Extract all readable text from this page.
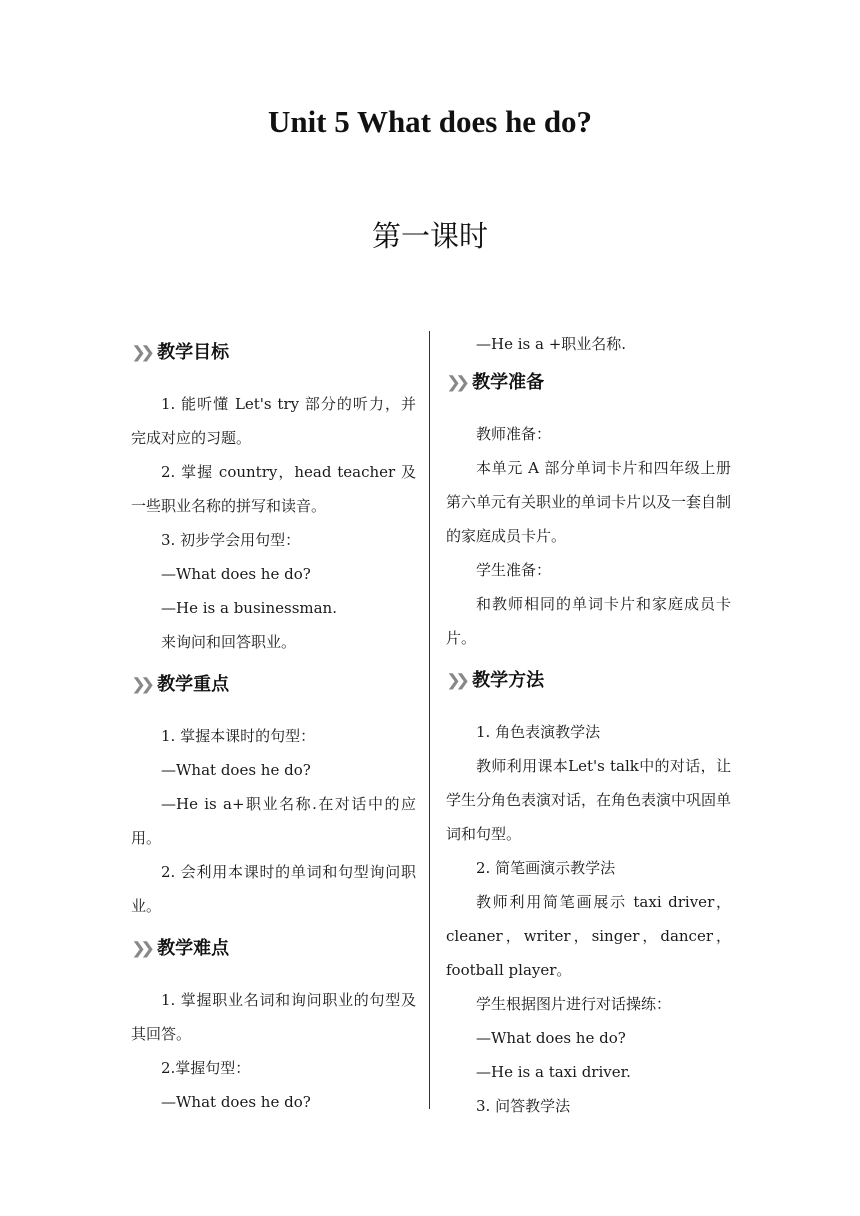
Unit 5 What does he do?
第一课时
❯❯ 教学目标

1. 能听懂 Let's try 部分的听力，并完成对应的习题。

2. 掌握 country，head teacher 及一些职业名称的拼写和读音。

3. 初步学会用句型：

—What does he do?

—He is a businessman.

来询问和回答职业。

❯❯ 教学重点

1. 掌握本课时的句型：

—What does he do?

—He is a+职业名称.在对话中的应用。

2. 会利用本课时的单词和句型询问职业。

❯❯ 教学难点

1. 掌握职业名词和询问职业的句型及其回答。

2.掌握句型：

—What does he do?

—He is a +职业名称.

❯❯ 教学准备

教师准备：

本单元 A 部分单词卡片和四年级上册第六单元有关职业的单词卡片以及一套自制的家庭成员卡片。

学生准备：

和教师相同的单词卡片和家庭成员卡片。

❯❯ 教学方法

1. 角色表演教学法

教师利用课本Let's talk中的对话，让学生分角色表演对话，在角色表演中巩固单词和句型。

2. 简笔画演示教学法

教师利用简笔画展示 taxi driver，cleaner，writer，singer，dancer，football player。

学生根据图片进行对话操练：

—What does he do?

—He is a taxi driver.

3. 问答教学法
